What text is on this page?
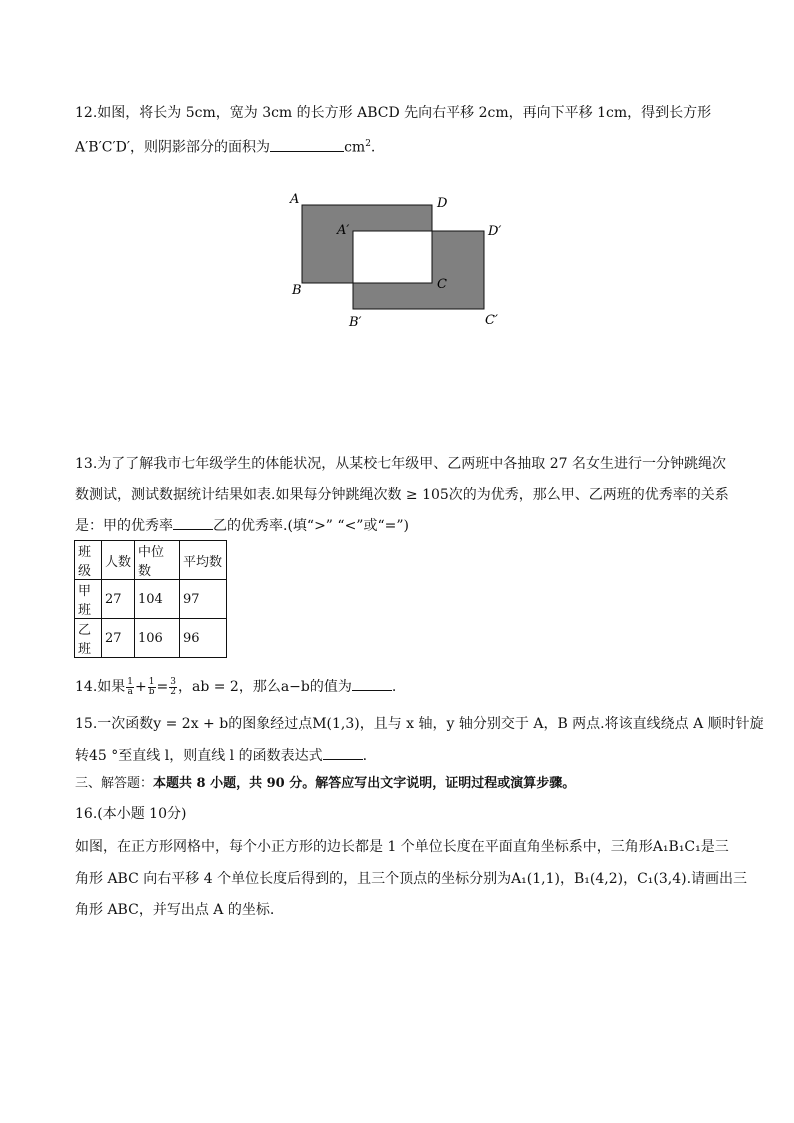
12.如图，将长为 5cm，宽为 3cm 的长方形 ABCD 先向右平移 2cm，再向下平移 1cm，得到长方形
A′B′C′D′，则阴影部分的面积为	$cm^2$.
A
B	C
D
A′
B′	C′
D′
13.为了了解我市七年级学生的体能状况，从某校七年级甲、乙两班中各抽取 27 名女生进行一分钟跳绳次
数测试，测试数据统计结果如表.如果每分钟跳绳次数 ≥ 105次的为优秀，那么甲、乙两班的优秀率的关系
是：甲的优秀率	乙的优秀率.(填“>” “<”或“=”)
班级	人数	中位数	平均数
甲班	27	104	97
乙班	27	106	96
14.如果 $\frac{1}{a} + \frac{1}{b} = \frac{3}{2}$ ，ab = 2，那么a−b的值为	.
15.一次函数y = 2x + b的图象经过点M(1,3)，且与 x 轴，y 轴分别交于 A，B 两点.将该直线绕点 A 顺时针旋
转45 °至直线 l，则直线 l 的函数表达式	.
三、解答题：本题共 8 小题，共 90 分。解答应写出文字说明，证明过程或演算步骤。
16.(本小题 10分)
如图，在正方形网格中，每个小正方形的边长都是 1 个单位长度在平面直角坐标系中，三角形A₁B₁C₁是三
角形 ABC 向右平移 4 个单位长度后得到的，且三个顶点的坐标分别为A₁(1,1)，B₁(4,2)，C₁(3,4).请画出三
角形 ABC，并写出点 A 的坐标.
